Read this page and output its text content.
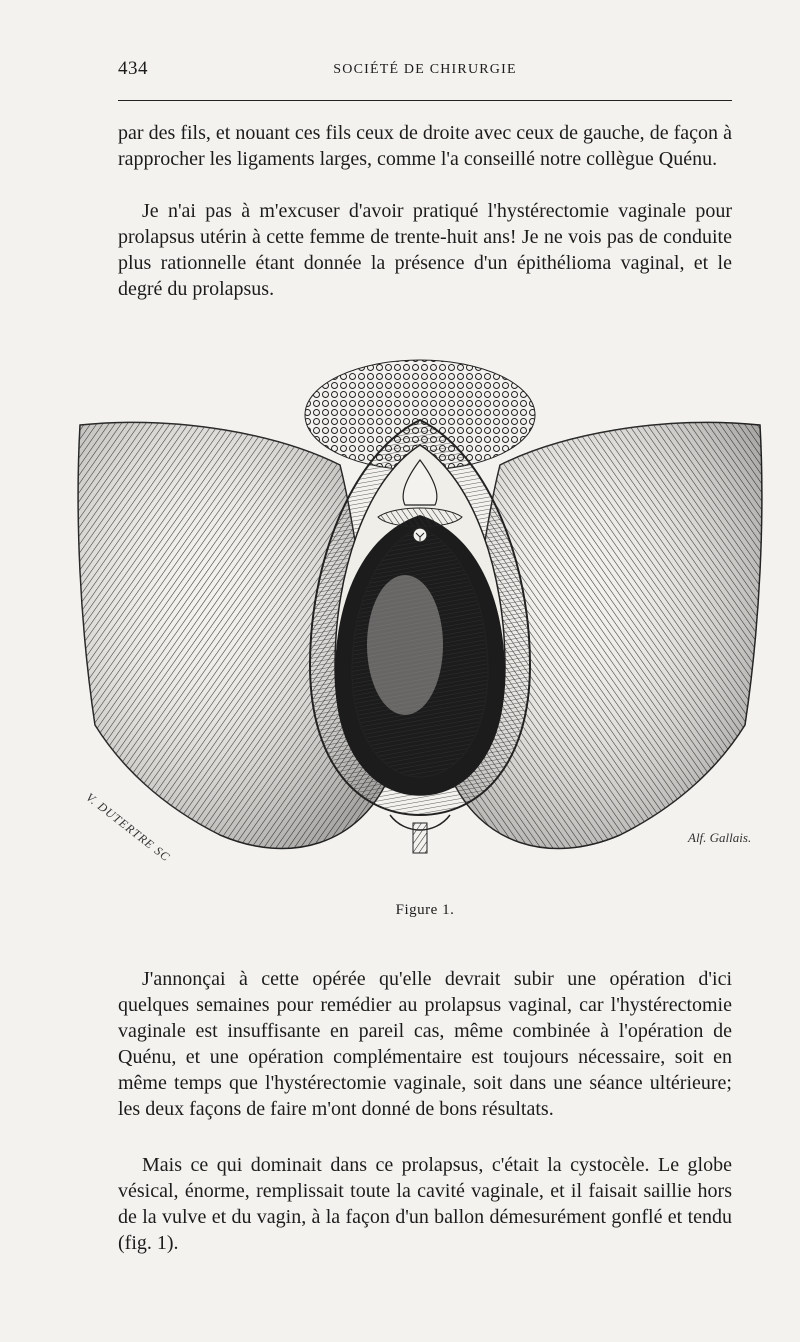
434	SOCIÉTÉ DE CHIRURGIE

par des fils, et nouant ces fils ceux de droite avec ceux de gauche, de façon à rapprocher les ligaments larges, comme l'a conseillé notre collègue Quénu.

Je n'ai pas à m'excuser d'avoir pratiqué l'hystérectomie vaginale pour prolapsus utérin à cette femme de trente-huit ans! Je ne vois pas de conduite plus rationnelle étant donnée la présence d'un épithélioma vaginal, et le degré du prolapsus.

V. DUTERTRE SC	Alf. Gallais.
Figure 1.

J'annonçai à cette opérée qu'elle devrait subir une opération d'ici quelques semaines pour remédier au prolapsus vaginal, car l'hystérectomie vaginale est insuffisante en pareil cas, même combinée à l'opération de Quénu, et une opération complémentaire est toujours nécessaire, soit en même temps que l'hystérectomie vaginale, soit dans une séance ultérieure; les deux façons de faire m'ont donné de bons résultats.

Mais ce qui dominait dans ce prolapsus, c'était la cystocèle. Le globe vésical, énorme, remplissait toute la cavité vaginale, et il faisait saillie hors de la vulve et du vagin, à la façon d'un ballon démesurément gonflé et tendu (fig. 1).
